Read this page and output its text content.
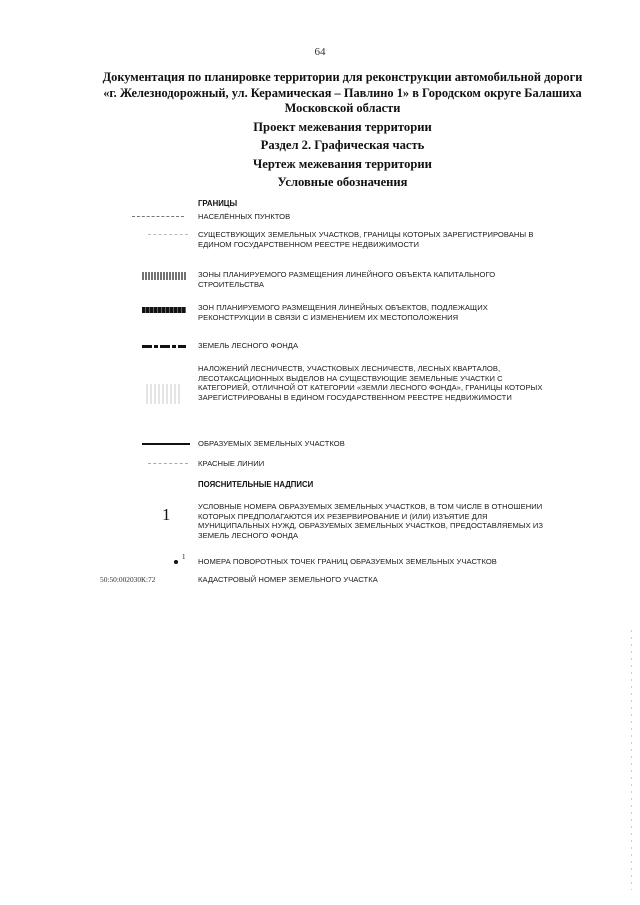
64
Документация по планировке территории для реконструкции автомобильной дороги
«г. Железнодорожный, ул. Керамическая – Павлино 1» в Городском округе Балашиха
Московской области
Проект межевания территории
Раздел 2. Графическая часть
Чертеж межевания территории
Условные обозначения
ГРАНИЦЫ
НАСЕЛЁННЫХ ПУНКТОВ
СУЩЕСТВУЮЩИХ ЗЕМЕЛЬНЫХ УЧАСТКОВ, ГРАНИЦЫ КОТОРЫХ ЗАРЕГИСТРИРОВАНЫ В ЕДИНОМ ГОСУДАРСТВЕННОМ РЕЕСТРЕ НЕДВИЖИМОСТИ
ЗОНЫ ПЛАНИРУЕМОГО РАЗМЕЩЕНИЯ ЛИНЕЙНОГО ОБЪЕКТА КАПИТАЛЬНОГО СТРОИТЕЛЬСТВА
ЗОН ПЛАНИРУЕМОГО РАЗМЕЩЕНИЯ ЛИНЕЙНЫХ ОБЪЕКТОВ, ПОДЛЕЖАЩИХ РЕКОНСТРУКЦИИ В СВЯЗИ С ИЗМЕНЕНИЕМ ИХ МЕСТОПОЛОЖЕНИЯ
ЗЕМЕЛЬ ЛЕСНОГО ФОНДА
НАЛОЖЕНИЙ ЛЕСНИЧЕСТВ, УЧАСТКОВЫХ ЛЕСНИЧЕСТВ, ЛЕСНЫХ КВАРТАЛОВ, ЛЕСОТАКСАЦИОННЫХ ВЫДЕЛОВ НА СУЩЕСТВУЮЩИЕ ЗЕМЕЛЬНЫЕ УЧАСТКИ С КАТЕГОРИЕЙ, ОТЛИЧНОЙ ОТ КАТЕГОРИИ «ЗЕМЛИ ЛЕСНОГО ФОНДА», ГРАНИЦЫ КОТОРЫХ ЗАРЕГИСТРИРОВАНЫ В ЕДИНОМ ГОСУДАРСТВЕННОМ РЕЕСТРЕ НЕДВИЖИМОСТИ
ОБРАЗУЕМЫХ ЗЕМЕЛЬНЫХ УЧАСТКОВ
КРАСНЫЕ ЛИНИИ
ПОЯСНИТЕЛЬНЫЕ НАДПИСИ
1	УСЛОВНЫЕ НОМЕРА ОБРАЗУЕМЫХ ЗЕМЕЛЬНЫХ УЧАСТКОВ, В ТОМ ЧИСЛЕ В ОТНОШЕНИИ КОТОРЫХ ПРЕДПОЛАГАЮТСЯ ИХ РЕЗЕРВИРОВАНИЕ И (ИЛИ) ИЗЪЯТИЕ ДЛЯ МУНИЦИПАЛЬНЫХ НУЖД, ОБРАЗУЕМЫХ ЗЕМЕЛЬНЫХ УЧАСТКОВ, ПРЕДОСТАВЛЯЕМЫХ ИЗ ЗЕМЕЛЬ ЛЕСНОГО ФОНДА
1 НОМЕРА ПОВОРОТНЫХ ТОЧЕК ГРАНИЦ ОБРАЗУЕМЫХ ЗЕМЕЛЬНЫХ УЧАСТКОВ
50:50:002030К:72	КАДАСТРОВЫЙ НОМЕР ЗЕМЕЛЬНОГО УЧАСТКА
